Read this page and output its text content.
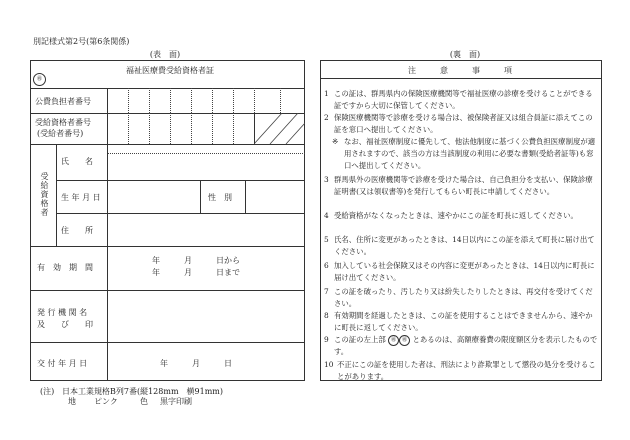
別記様式第2号(第6条関係)
(表　面)	(裏　面)
㊗
福祉医療費受給資格者証
公費負担者番号
受給資格者番号
(受給者番号)
受給資格者
氏　　名
生 年 月 日	性　別
住　　所
有　効　期　間
年　　　月　　　日から
年　　　月　　　日まで
発 行 機 関 名
及　　び　　印
交 付 年 月 日	年　　　月　　　日
注　　　意　　　事　　　項
1 この証は、群馬県内の保険医療機関等で福祉医療の診療を受けることができる証ですから大切に保管してください。
2 保険医療機関等で診療を受ける場合は、被保険者証又は組合員証に添えてこの証を窓口へ提出してください。
※ なお、福祉医療制度に優先して、他法他制度に基づく公費負担医療制度が適用されますので、該当の方は当該制度の利用に必要な書類(受給者証等)も窓口へ提出してください。
3 群馬県外の医療機関等で診療を受けた場合は、自己負担分を支払い、保険診療証明書(又は領収書等)を発行してもらい町長に申請してください。
4 受給資格がなくなったときは、速やかにこの証を町長に返してください。
5 氏名、住所に変更があったときは、14日以内にこの証を添えて町長に届け出てください。
6 加入している社会保険又はその内容に変更があったときは、14日以内に町長に届け出てください。
7 この証を破ったり、汚したり又は紛失したりしたときは、再交付を受けてください。
8 有効期間を経過したときは、この証を使用することはできませんから、速やかに町長に返してください。
9 この証の左上部 ㊗ ㊗ とあるのは、高額療養費の限度額区分を表示したものです。
10 不正にこの証を使用した者は、刑法により詐欺罪として懲役の処分を受けることがあります。
(注) 日本工業規格B列7番(縦128mm　横91mm)
地 ピンク	色 黒字印刷
